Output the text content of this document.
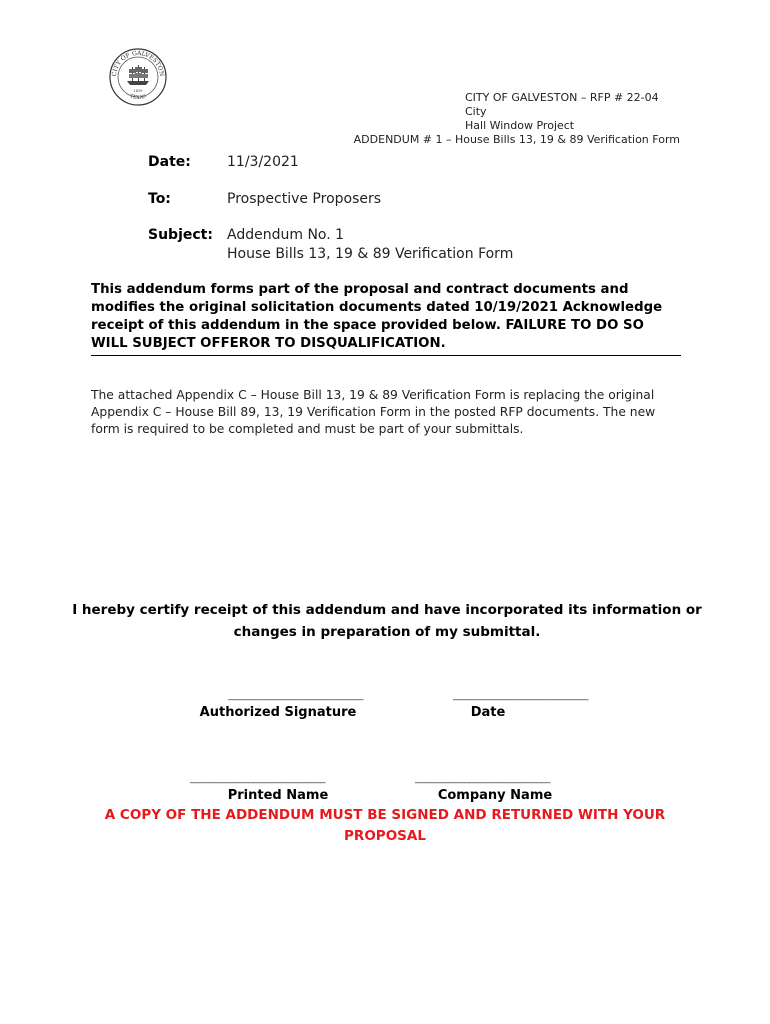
CITY OF GALVESTON
TEXAS
1839	CITY OF GALVESTON – RFP # 22-04 City
Hall Window Project
ADDENDUM # 1 – House Bills 13, 19 & 89 Verification Form
Date:	11/3/2021
To:	Prospective Proposers
Subject: Addendum No. 1
House Bills 13, 19 & 89 Verification Form
This addendum forms part of the proposal and contract documents and modifies the original solicitation documents dated 10/19/2021 Acknowledge receipt of this addendum in the space provided below. FAILURE TO DO SO WILL SUBJECT OFFEROR TO DISQUALIFICATION.
The attached Appendix C – House Bill 13, 19 & 89 Verification Form is replacing the original Appendix C – House Bill 89, 13, 19 Verification Form in the posted RFP documents. The new form is required to be completed and must be part of your submittals.
I hereby certify receipt of this addendum and have incorporated its information or changes in preparation of my submittal.
______________________________
Authorized Signature
______________________________
Date
______________________________
Printed Name
______________________________
Company Name
A COPY OF THE ADDENDUM MUST BE SIGNED AND RETURNED WITH YOUR PROPOSAL
